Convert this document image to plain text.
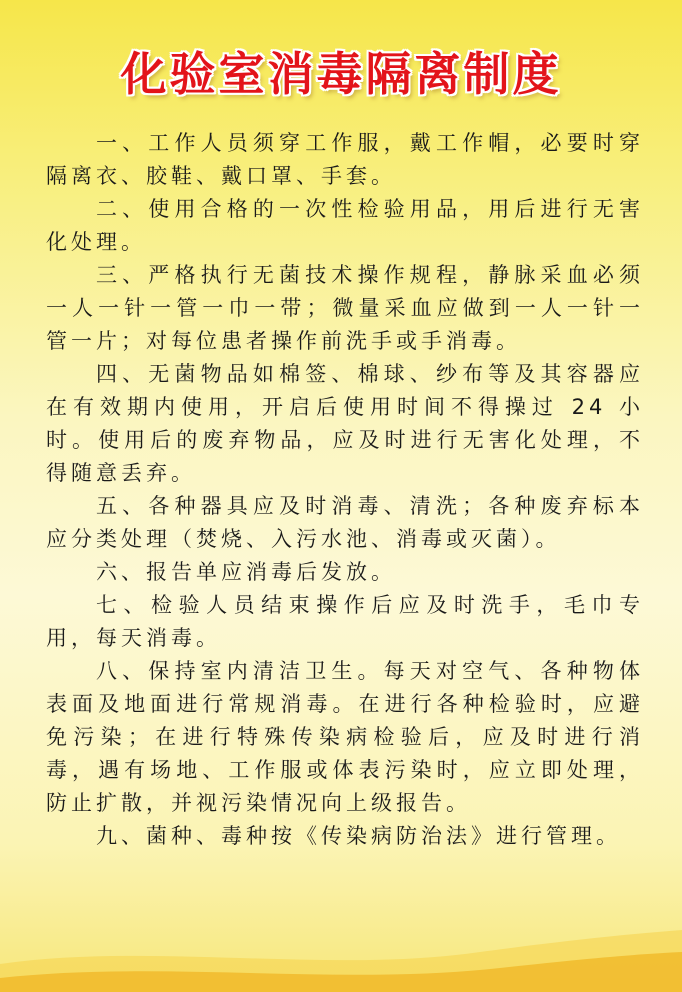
化验室消毒隔离制度

一、工作人员须穿工作服，戴工作帽，必要时穿隔离衣、胶鞋、戴口罩、手套。

二、使用合格的一次性检验用品，用后进行无害化处理。

三、严格执行无菌技术操作规程，静脉采血必须一人一针一管一巾一带；微量采血应做到一人一针一管一片；对每位患者操作前洗手或手消毒。

四、无菌物品如棉签、棉球、纱布等及其容器应在有效期内使用，开启后使用时间不得操过 24 小时。使用后的废弃物品，应及时进行无害化处理，不得随意丢弃。

五、各种器具应及时消毒、清洗；各种废弃标本应分类处理（焚烧、入污水池、消毒或灭菌）。

六、报告单应消毒后发放。

七、检验人员结束操作后应及时洗手，毛巾专用，每天消毒。

八、保持室内清洁卫生。每天对空气、各种物体表面及地面进行常规消毒。在进行各种检验时，应避免污染；在进行特殊传染病检验后，应及时进行消毒，遇有场地、工作服或体表污染时，应立即处理，防止扩散，并视污染情况向上级报告。

九、菌种、毒种按《传染病防治法》进行管理。
